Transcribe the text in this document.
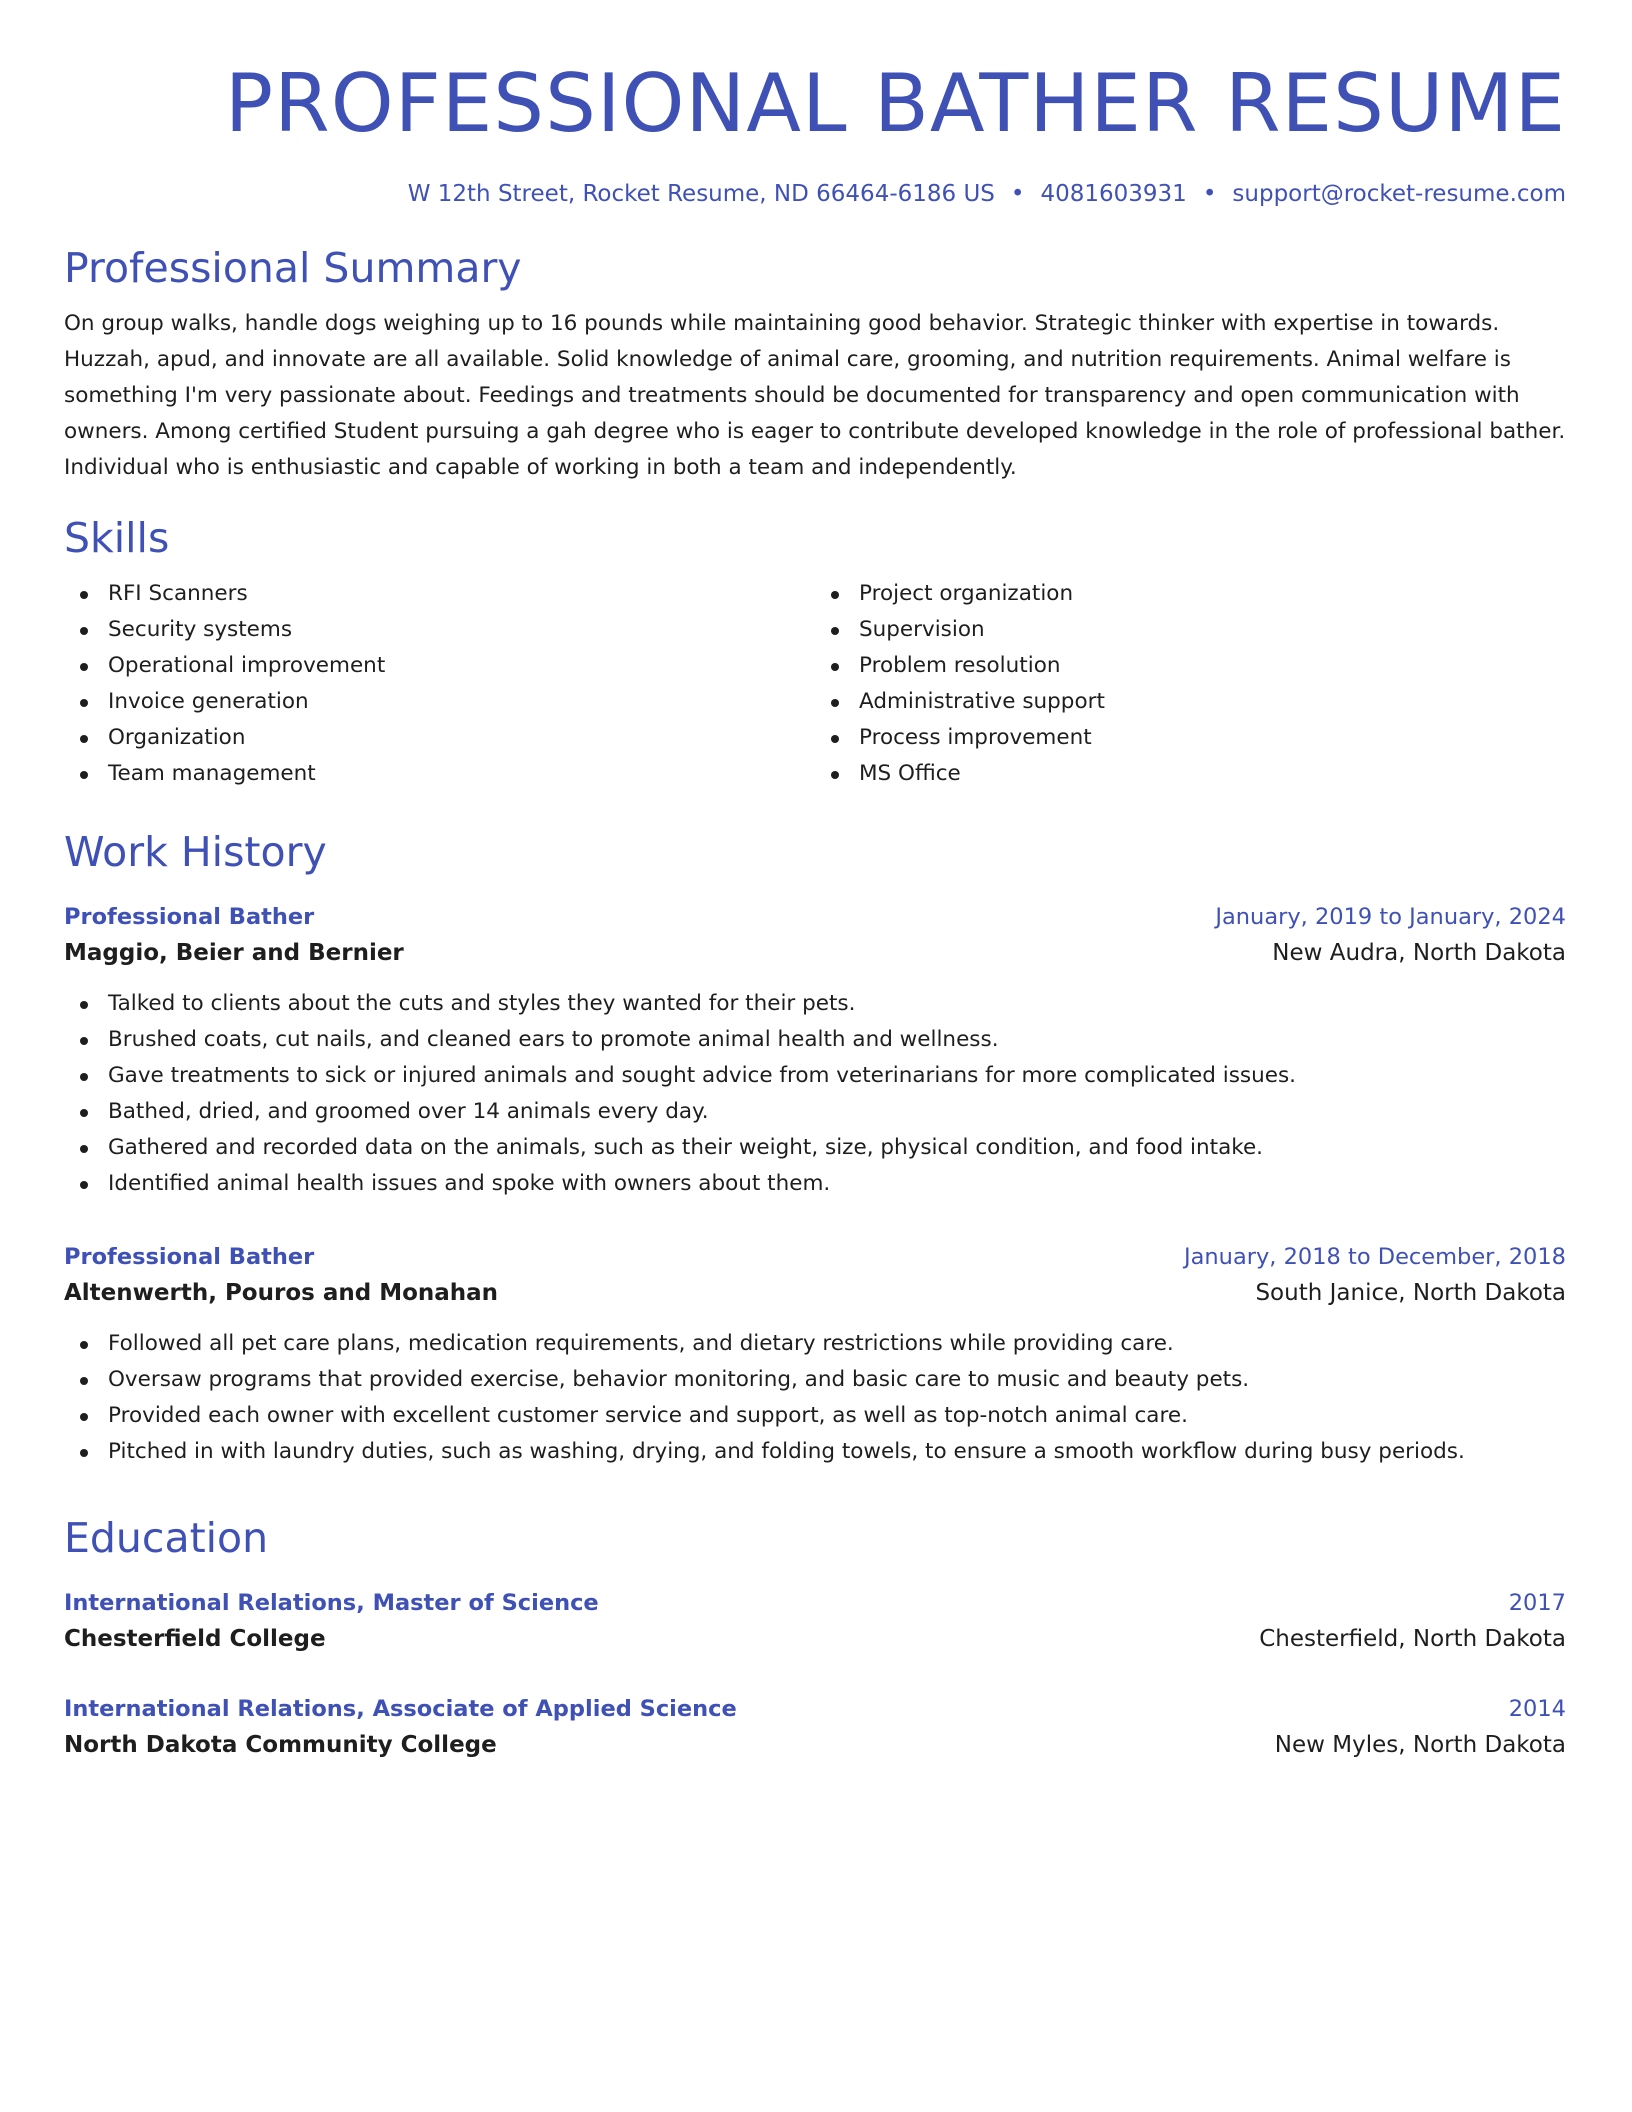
PROFESSIONAL BATHER RESUME
W 12th Street, Rocket Resume, ND 66464-6186 US • 4081603931 • support@rocket-resume.com
Professional Summary
On group walks, handle dogs weighing up to 16 pounds while maintaining good behavior. Strategic thinker with expertise in towards. Huzzah, apud, and innovate are all available. Solid knowledge of animal care, grooming, and nutrition requirements. Animal welfare is something I'm very passionate about. Feedings and treatments should be documented for transparency and open communication with owners. Among certified Student pursuing a gah degree who is eager to contribute developed knowledge in the role of professional bather. Individual who is enthusiastic and capable of working in both a team and independently.
Skills
RFI Scanners
Security systems
Operational improvement
Invoice generation
Organization
Team management
Project organization
Supervision
Problem resolution
Administrative support
Process improvement
MS Office
Work History
Professional Bather	January, 2019 to January, 2024
Maggio, Beier and Bernier	New Audra, North Dakota
Talked to clients about the cuts and styles they wanted for their pets.
Brushed coats, cut nails, and cleaned ears to promote animal health and wellness.
Gave treatments to sick or injured animals and sought advice from veterinarians for more complicated issues.
Bathed, dried, and groomed over 14 animals every day.
Gathered and recorded data on the animals, such as their weight, size, physical condition, and food intake.
Identified animal health issues and spoke with owners about them.
Professional Bather	January, 2018 to December, 2018
Altenwerth, Pouros and Monahan	South Janice, North Dakota
Followed all pet care plans, medication requirements, and dietary restrictions while providing care.
Oversaw programs that provided exercise, behavior monitoring, and basic care to music and beauty pets.
Provided each owner with excellent customer service and support, as well as top-notch animal care.
Pitched in with laundry duties, such as washing, drying, and folding towels, to ensure a smooth workflow during busy periods.
Education
International Relations, Master of Science	2017
Chesterfield College	Chesterfield, North Dakota
International Relations, Associate of Applied Science	2014
North Dakota Community College	New Myles, North Dakota
